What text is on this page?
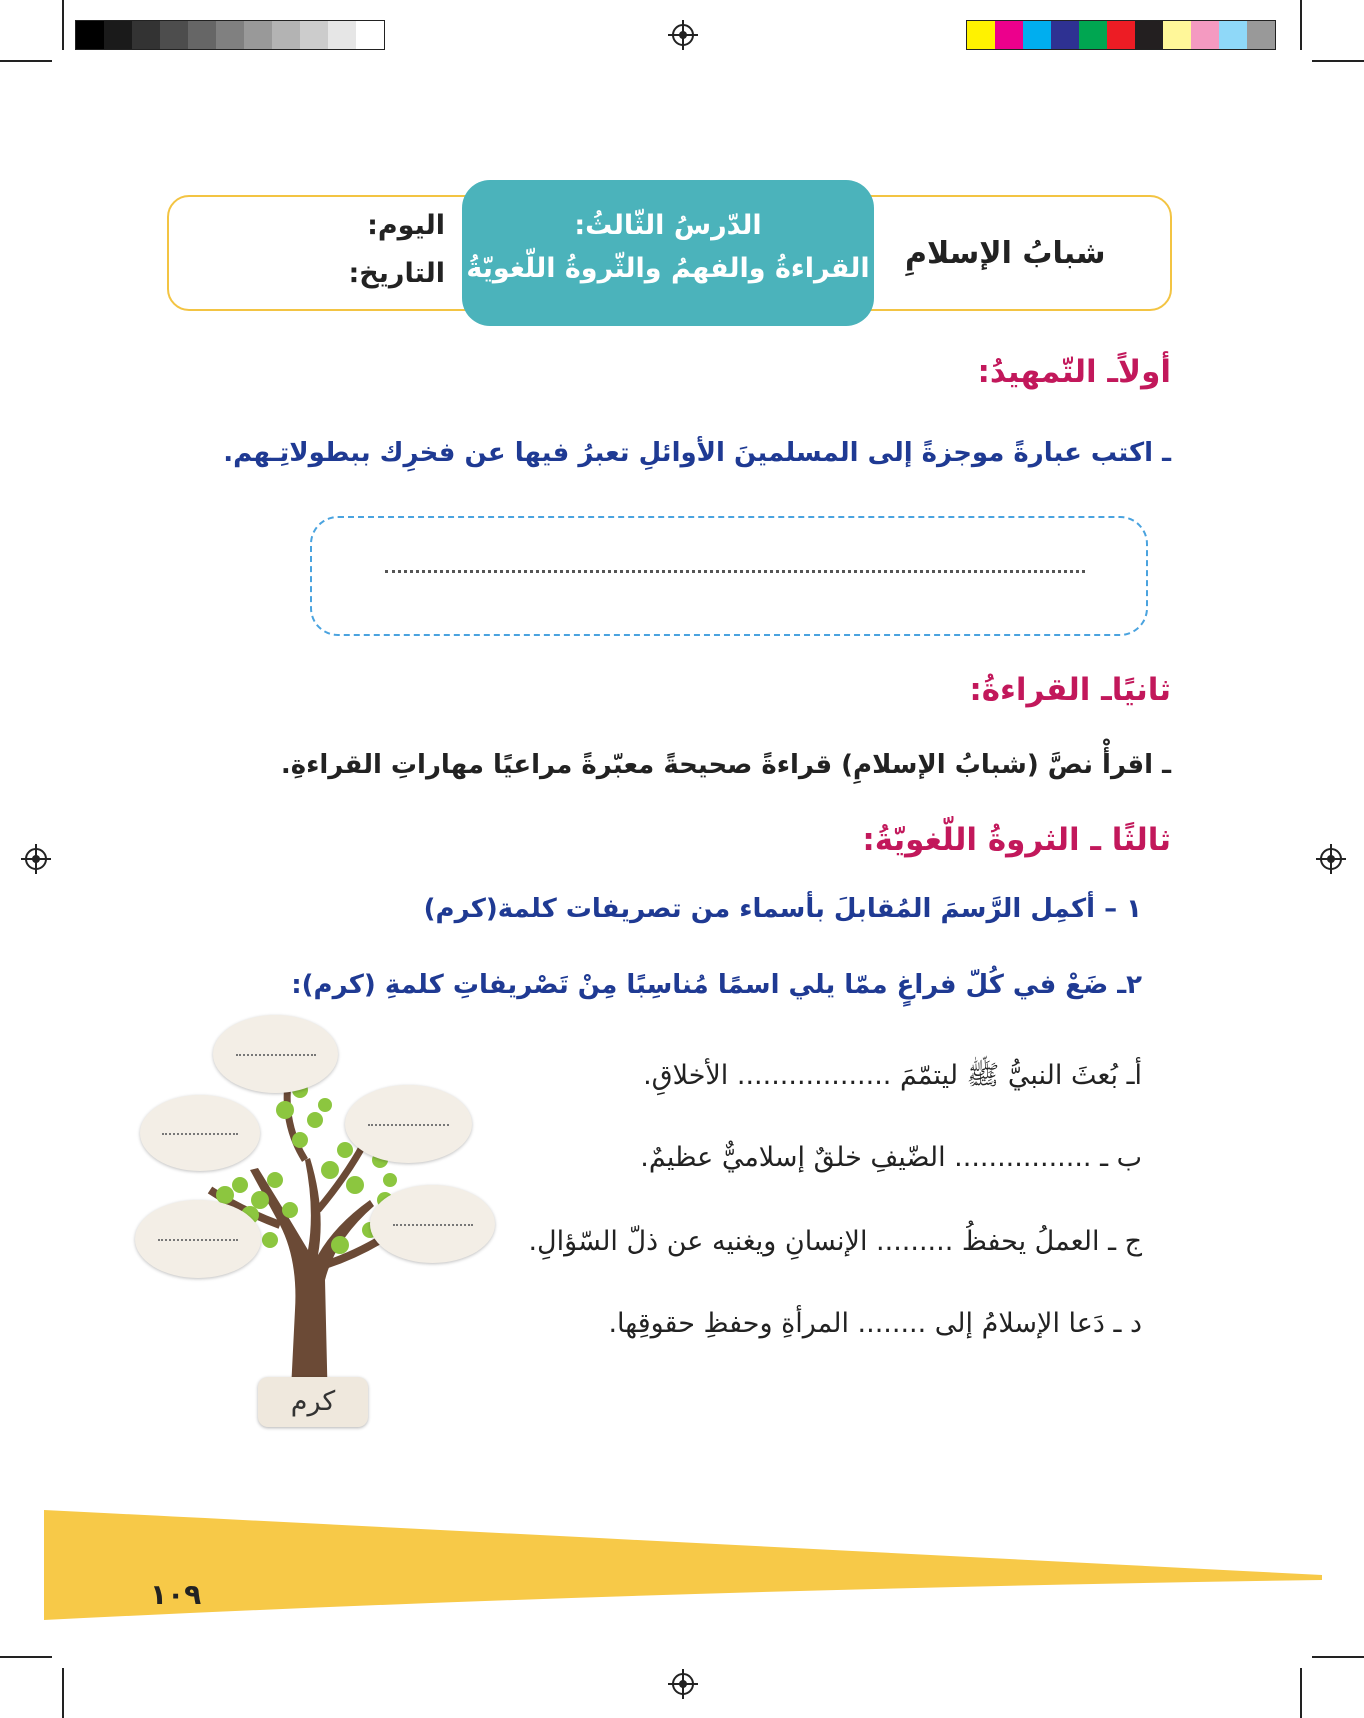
شبابُ الإسلامِ
اليوم:
التاريخ:
الدّرسُ الثّالثُ:
القراءةُ والفهمُ والثّروةُ اللّغويّةُ
أولاًـ التّمهيدُ:
ـ اكتب عبارةً موجزةً إلى المسلمينَ الأوائلِ تعبرُ فيها عن فخرِك ببطولاتِـهم.
ثانيًاـ القراءةُ:
ـ اقرأْ نصَّ (شبابُ الإسلامِ) قراءةً صحيحةً معبّرةً مراعيًا مهاراتِ القراءةِ.
ثالثًا ـ الثروةُ اللّغويّةُ:
١ – أكمِل الرَّسمَ المُقابلَ بأسماء من تصريفات كلمة(كرم)
٢ـ ضَعْ في كُلّ فراغٍ ممّا يلي اسمًا مُناسِبًا مِنْ تَصْريفاتِ كلمةِ (كرم):
أـ بُعثَ النبيُّ ﷺ ليتمّمَ .................. الأخلاقِ.
ب ـ ................ الضّيفِ خلقٌ إسلاميٌّ عظيمٌ.
ج ـ العملُ يحفظُ ......... الإنسانِ ويغنيه عن ذلّ السّؤالِ.
د ـ دَعا الإسلامُ إلى ........ المرأةِ وحفظِ حقوقِها.
كرم
١٠٩
